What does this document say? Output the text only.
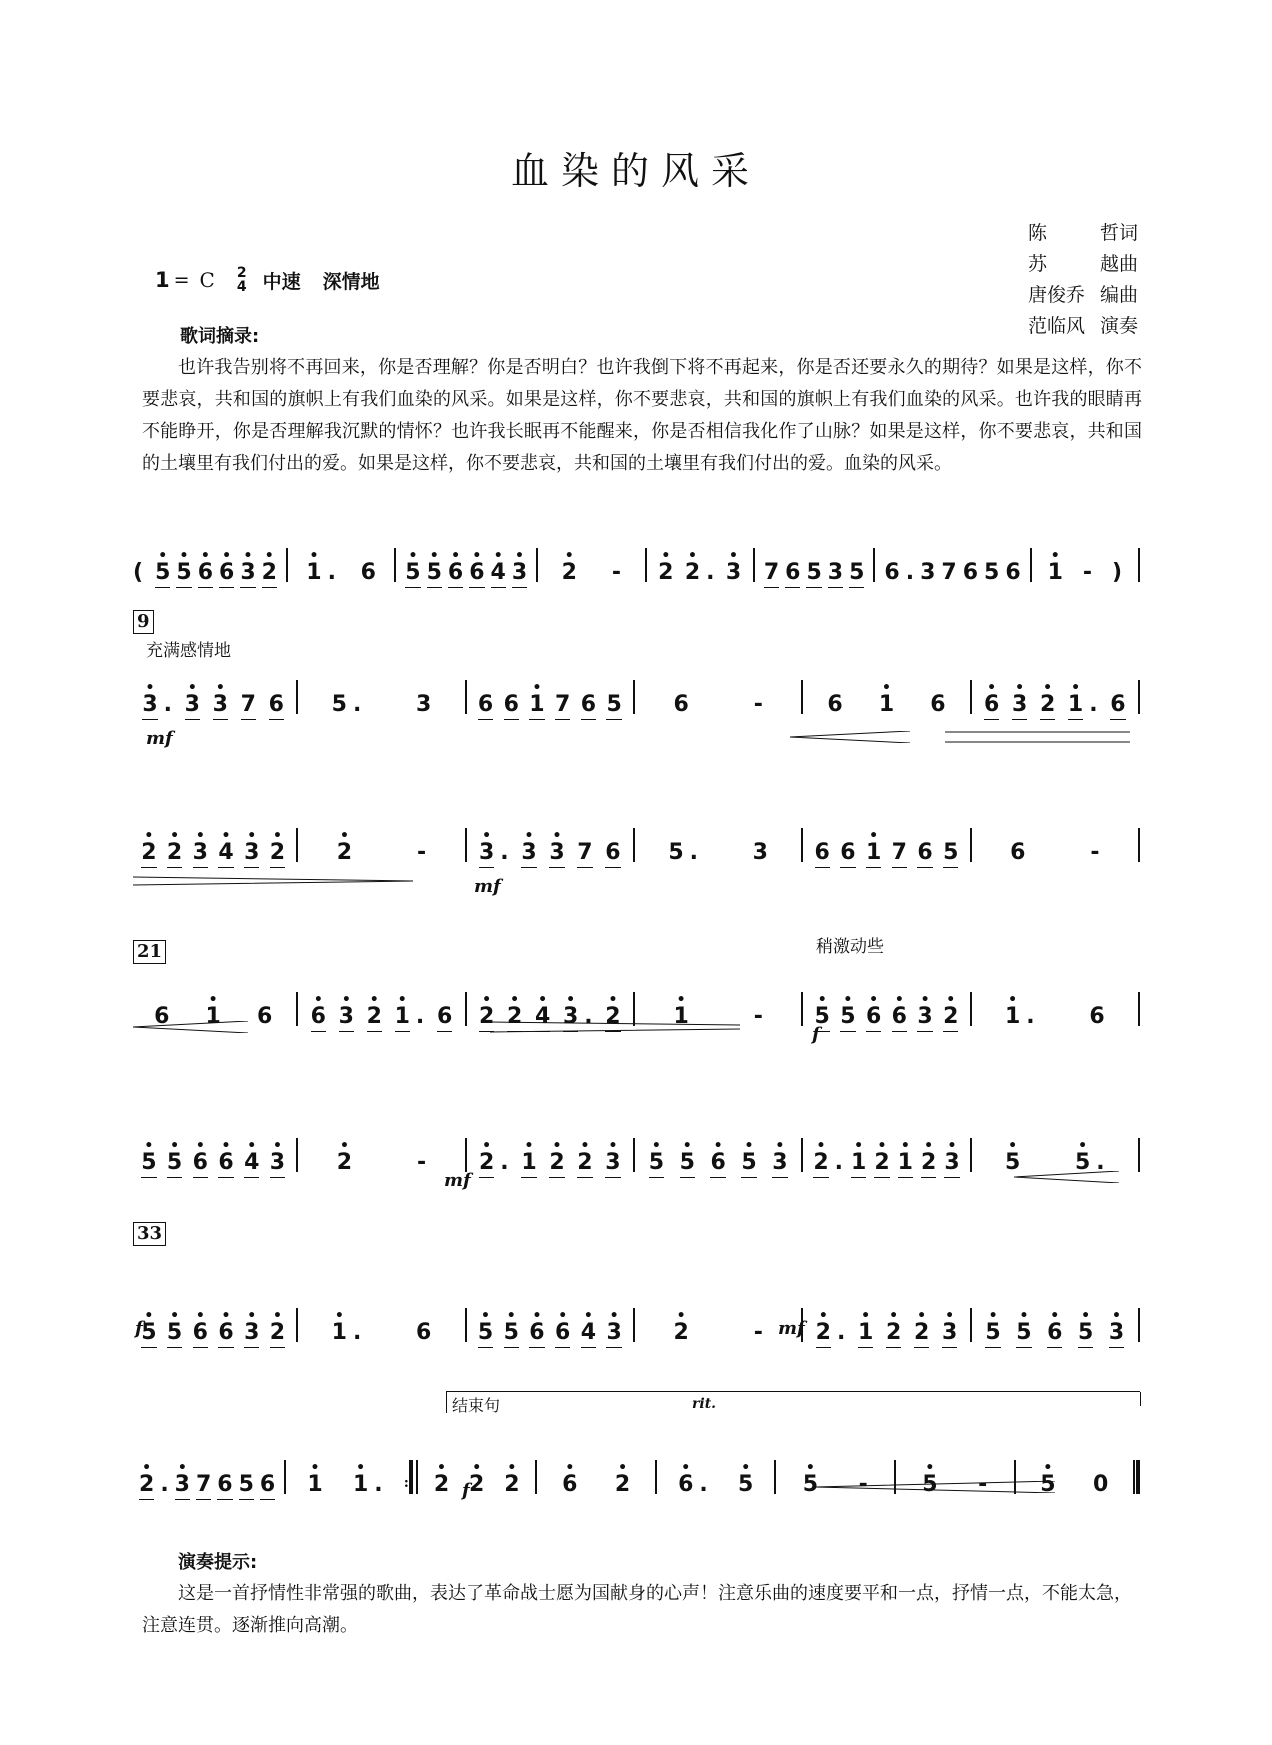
血染的风采
陈	哲词
苏	越曲
唐俊乔 编曲
范临风 演奏
1 = C 2
4 中速 深情地
歌词摘录:
也许我告别将不再回来，你是否理解？你是否明白？也许我倒下将不再起来，你是否还要永久的期待？如果是这样，你不要悲哀，共和国的旗帜上有我们血染的风采。如果是这样，你不要悲哀，共和国的旗帜上有我们血染的风采。也许我的眼睛再不能睁开，你是否理解我沉默的情怀？也许我长眠再不能醒来，你是否相信我化作了山脉？如果是这样，你不要悲哀，共和国的土壤里有我们付出的爱。如果是这样，你不要悲哀，共和国的土壤里有我们付出的爱。血染的风采。
(
•
5
•
5
•
6
•
6
•
3
•
2
•
1 . 6
•
5
•
5
•
6
•
6
•
4
•
3
•
2 -
•
2
•
2 .
•
3 7 6 5 3 5 6 . 3 7 6 5 6
•
1 - )
•
3 .
•
3
•
3 7 6 5 . 3 6 6
•
1 7 6 5 6	-	6
•
1 6
•
6
•
3
•
2
•
1 . 6
•
2
•
2
•
3
•
4
•
3
•
2
•
2	-
•
3 .
•
3
•
3 7 6 5 . 3 6 6
•
1 7 6 5 6	-
6
•
1 6
•
6
•
3
•
2
•
1 . 6
•
2
•
2
•
4
•
3 .
•
2
•
1	-
•
5
•
5
•
6
•
6
•
3
•
2
•
1 . 6
•
5
•
5
•
6
•
6
•
4
•
3
•
2	-
•
2 .
•
1
•
2
•
2
•
3
•
5
•
5
•
6
•
5
•
3
•
2 .
•
1
•
2
•
1
•
2
•
3
•
5
•
5 .
•
5
•
5
•
6
•
6
•
3
•
2
•
1 . 6
•
5
•
5
•
6
•
6
•
4
•
3
•
2	-
•
2 .
•
1
•
2
•
2
•
3
•
5
•
5
•
6
•
5
•
3
•
2 .
•
3 7 6 5 6
•
1
•
1 . :
•
2
•
2
•
2
•
6
•
2
•
6 .
•
5
•
5 -
•
5 -
•
5 0
9
充满感情地
mf
mf
21	稍激动些
f
mf
33
f	mf
结束句
f
rit.
演奏提示:
这是一首抒情性非常强的歌曲，表达了革命战士愿为国献身的心声！注意乐曲的速度要平和一点，抒情一点，不能太急，注意连贯。逐渐推向高潮。
